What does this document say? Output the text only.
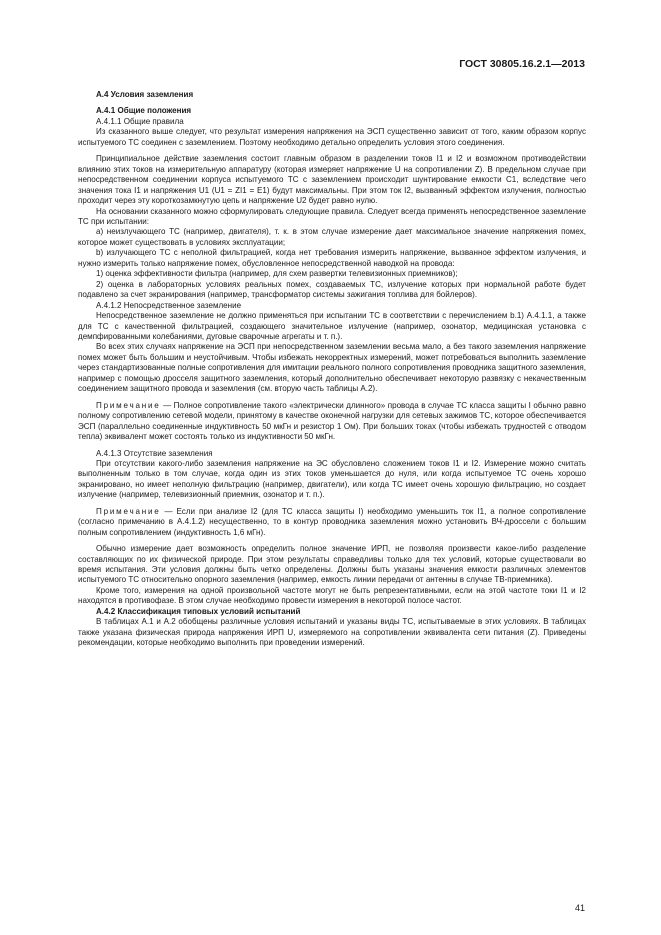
ГОСТ 30805.16.2.1—2013

А.4 Условия заземления

А.4.1 Общие положения

А.4.1.1 Общие правила

Из сказанного выше следует, что результат измерения напряжения на ЭСП существенно зависит от того, каким образом корпус испытуемого ТС соединен с заземлением. Поэтому необходимо детально определить условия этого соединения.

Принципиальное действие заземления состоит главным образом в разделении токов I1 и I2 и возможном противодействии влиянию этих токов на измерительную аппаратуру (которая измеряет напряжение U на сопротивлении Z). В предельном случае при непосредственном соединении корпуса испытуемого ТС с заземлением происходит шунтирование емкости C1, вследствие чего значения тока I1 и напряжения U1 (U1 = ZI1 = E1) будут максимальны. При этом ток I2, вызванный эффектом излучения, полностью проходит через эту короткозамкнутую цепь и напряжение U2 будет равно нулю.

На основании сказанного можно сформулировать следующие правила. Следует всегда применять непосредственное заземление ТС при испытании:

a) неизлучающего ТС (например, двигателя), т. к. в этом случае измерение дает максимальное значение напряжения помех, которое может существовать в условиях эксплуатации;

b) излучающего ТС с неполной фильтрацией, когда нет требования измерить напряжение, вызванное эффектом излучения, и нужно измерить только напряжение помех, обусловленное непосредственной наводкой на провода:

1) оценка эффективности фильтра (например, для схем развертки телевизионных приемников);

2) оценка в лабораторных условиях реальных помех, создаваемых ТС, излучение которых при нормальной работе будет подавлено за счет экранирования (например, трансформатор системы зажигания топлива для бойлеров).

А.4.1.2 Непосредственное заземление

Непосредственное заземление не должно применяться при испытании ТС в соответствии с перечислением b.1) А.4.1.1, а также для ТС с качественной фильтрацией, создающего значительное излучение (например, озонатор, медицинская установка с демпфированными колебаниями, дуговые сварочные агрегаты и т. п.).

Во всех этих случаях напряжение на ЭСП при непосредственном заземлении весьма мало, а без такого заземления напряжение помех может быть большим и неустойчивым. Чтобы избежать некорректных измерений, может потребоваться выполнить заземление через стандартизованные полные сопротивления для имитации реального полного сопротивления проводника защитного заземления, например с помощью дросселя защитного заземления, который дополнительно обеспечивает некоторую развязку с некачественным соединением защитного провода и заземления (см. вторую часть таблицы А.2).

Примечание — Полное сопротивление такого «электрически длинного» провода в случае ТС класса защиты I обычно равно полному сопротивлению сетевой модели, принятому в качестве оконечной нагрузки для сетевых зажимов ТС, которое обеспечивается ЭСП (параллельно соединенные индуктивность 50 мкГн и резистор 1 Ом). При больших токах (чтобы избежать трудностей с отводом тепла) эквивалент может состоять только из индуктивности 50 мкГн.

А.4.1.3 Отсутствие заземления

При отсутствии какого-либо заземления напряжение на ЭС обусловлено сложением токов I1 и I2. Измерение можно считать выполненным только в том случае, когда один из этих токов уменьшается до нуля, или когда испытуемое ТС очень хорошо экранировано, но имеет неполную фильтрацию (например, двигатели), или когда ТС имеет очень хорошую фильтрацию, но создает излучение (например, телевизионный приемник, озонатор и т. п.).

Примечание — Если при анализе I2 (для ТС класса защиты I) необходимо уменьшить ток I1, а полное сопротивление (согласно примечанию в А.4.1.2) несущественно, то в контур проводника заземления можно установить ВЧ-дроссели с большим полным сопротивлением (индуктивность 1,6 мГн).

Обычно измерение дает возможность определить полное значение ИРП, не позволяя произвести какое-либо разделение составляющих по их физической природе. При этом результаты справедливы только для тех условий, которые существовали во время испытания. Эти условия должны быть четко определены. Должны быть указаны значения емкости различных элементов испытуемого ТС относительно опорного заземления (например, емкость линии передачи от антенны в случае ТВ-приемника).

Кроме того, измерения на одной произвольной частоте могут не быть репрезентативными, если на этой частоте токи I1 и I2 находятся в противофазе. В этом случае необходимо провести измерения в некоторой полосе частот.

А.4.2 Классификация типовых условий испытаний

В таблицах А.1 и А.2 обобщены различные условия испытаний и указаны виды ТС, испытываемые в этих условиях. В таблицах также указана физическая природа напряжения ИРП U, измеряемого на сопротивлении эквивалента сети питания (Z). Приведены рекомендации, которые необходимо выполнить при проведении измерений.

41
